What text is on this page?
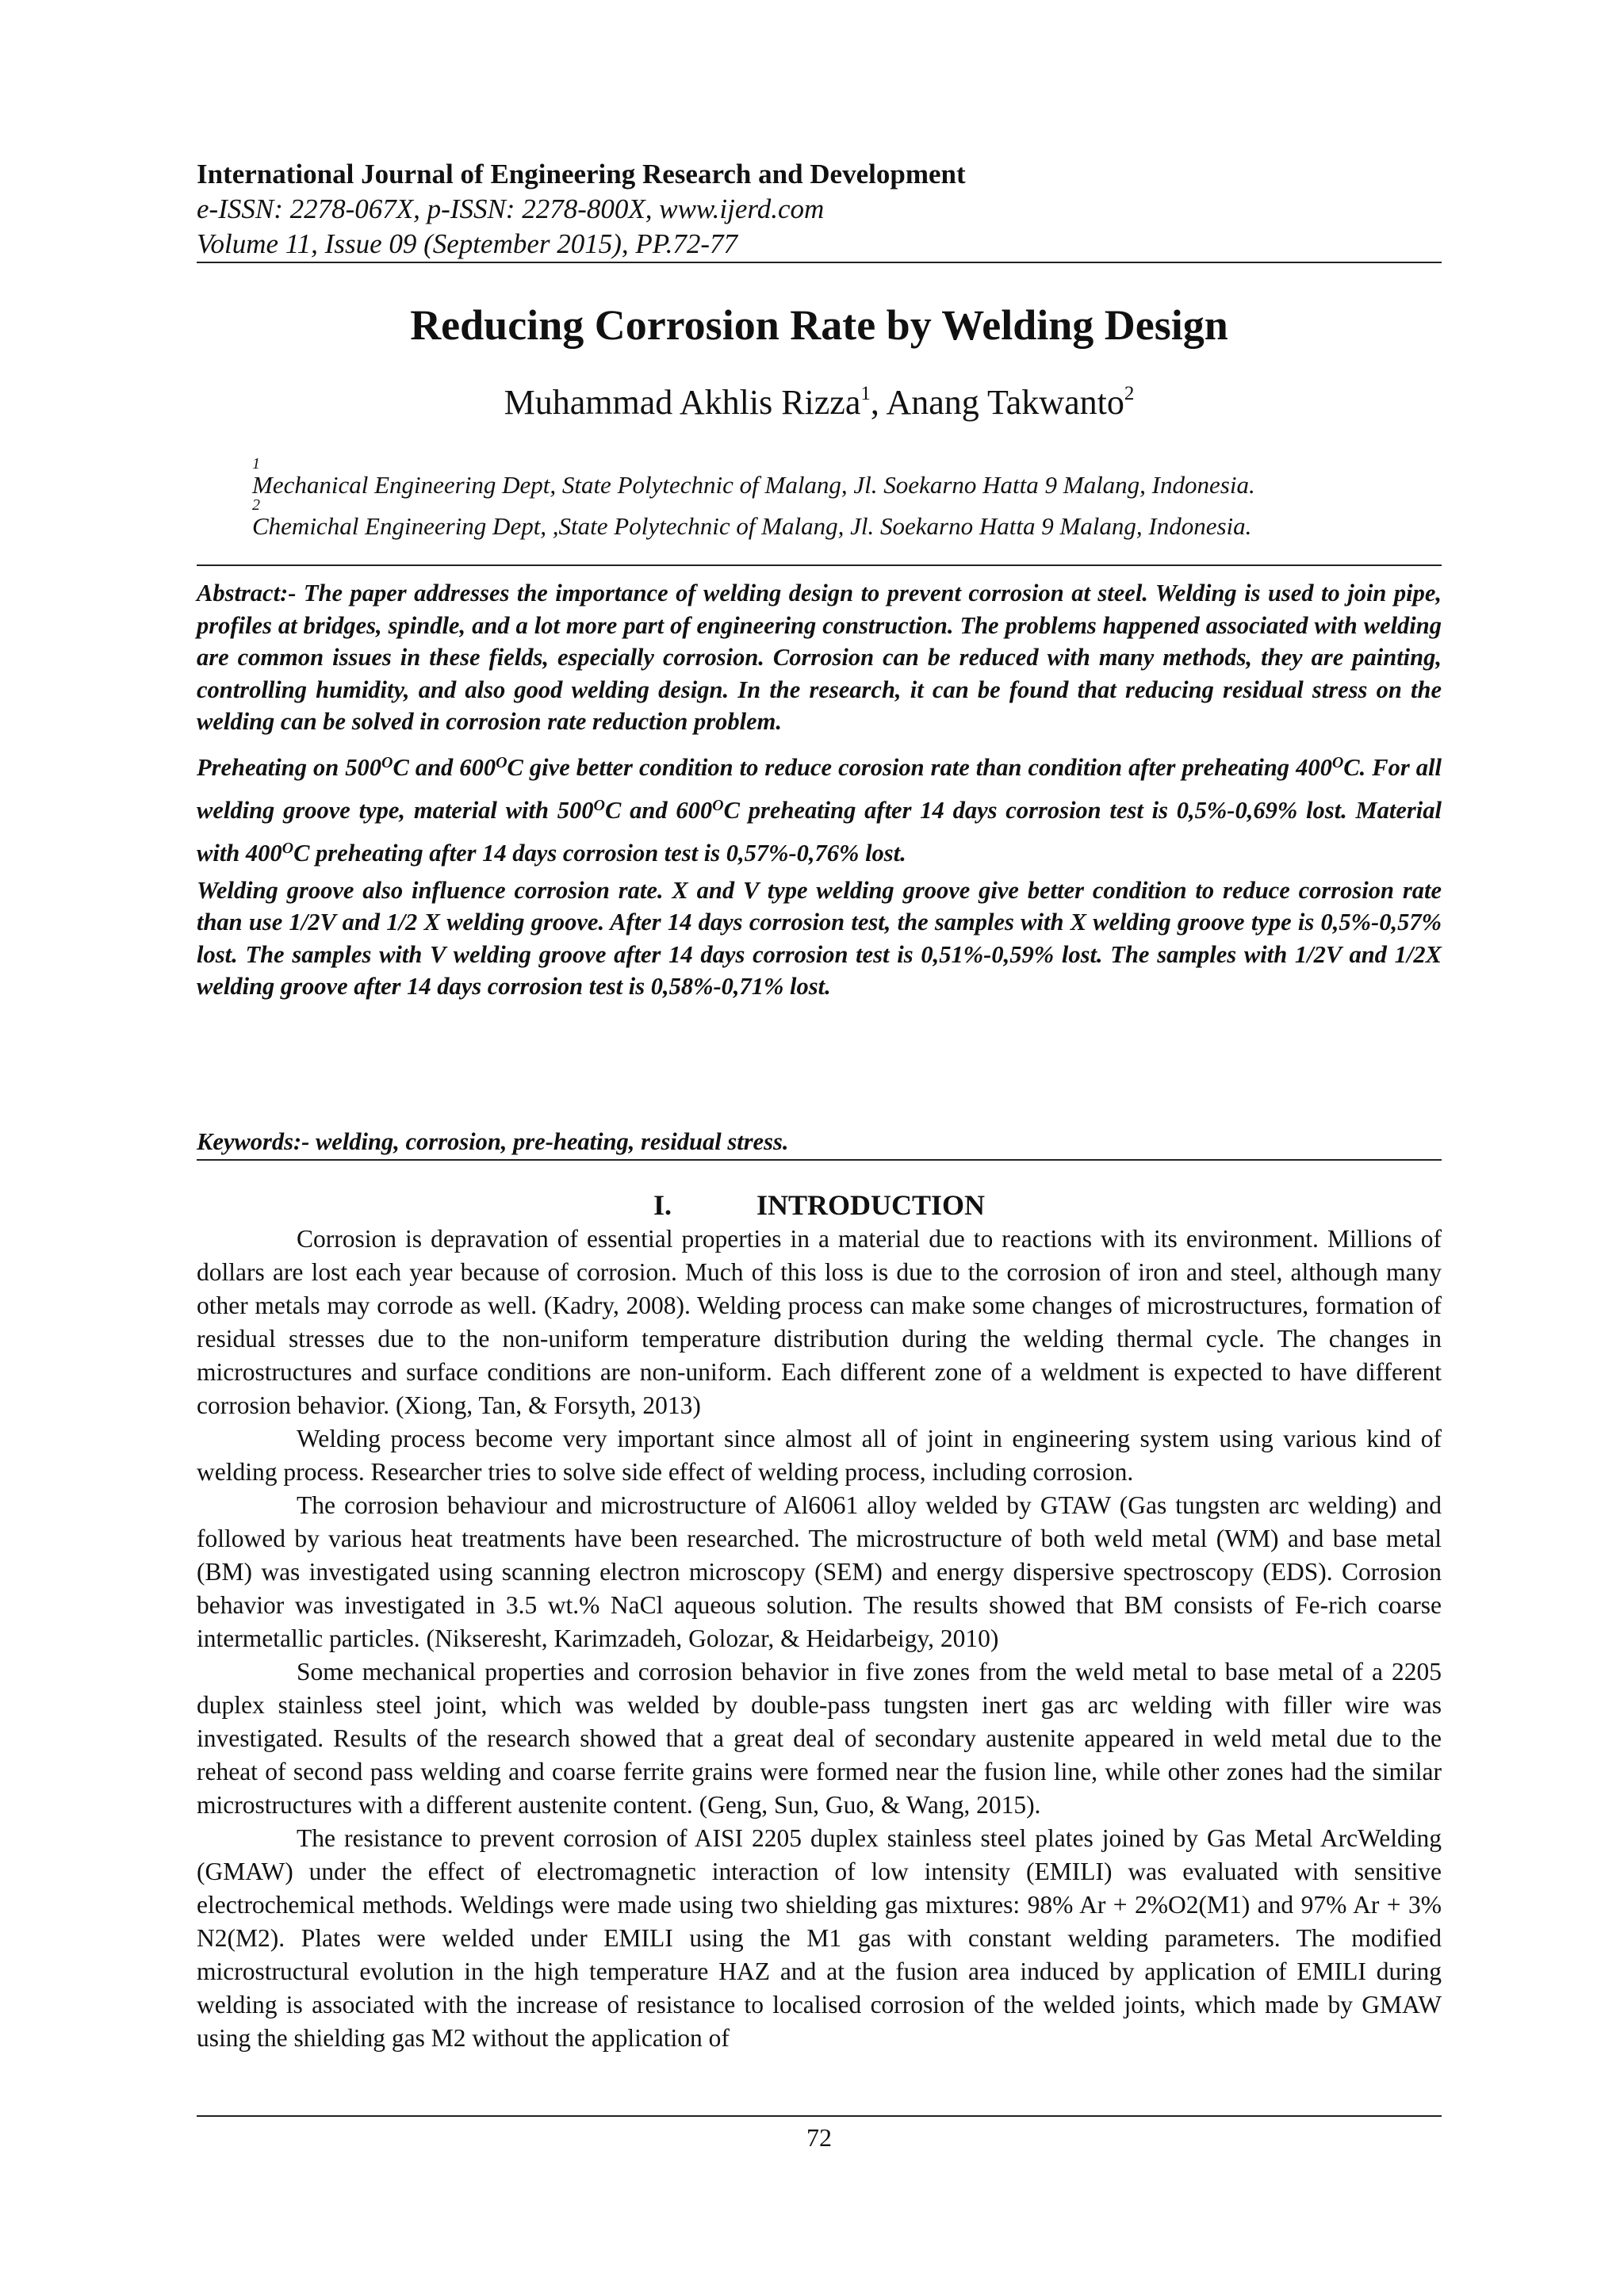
International Journal of Engineering Research and Development
e-ISSN: 2278-067X, p-ISSN: 2278-800X, www.ijerd.com
Volume 11, Issue 09 (September 2015), PP.72-77
Reducing Corrosion Rate by Welding Design
Muhammad Akhlis Rizza$^1$, Anang Takwanto$^2$
1
Mechanical Engineering Dept, State Polytechnic of Malang, Jl. Soekarno Hatta 9 Malang, Indonesia.
2
Chemichal Engineering Dept, ,State Polytechnic of Malang, Jl. Soekarno Hatta 9 Malang, Indonesia.

Abstract:- The paper addresses the importance of welding design to prevent corrosion at steel. Welding is used to join pipe, profiles at bridges, spindle, and a lot more part of engineering construction. The problems happened associated with welding are common issues in these fields, especially corrosion. Corrosion can be reduced with many methods, they are painting, controlling humidity, and also good welding design. In the research, it can be found that reducing residual stress on the welding can be solved in corrosion rate reduction problem.

Preheating on $500^OC$ and $600^OC$ give better condition to reduce corosion rate than condition after preheating $400^OC$. For all welding groove type, material with $500^OC$ and $600^OC$ preheating after 14 days corrosion test is 0,5%-0,69% lost. Material with $400^OC$ preheating after 14 days corrosion test is 0,57%-0,76% lost.

Welding groove also influence corrosion rate. X and V type welding groove give better condition to reduce corrosion rate than use 1/2V and 1/2 X welding groove. After 14 days corrosion test, the samples with X welding groove type is 0,5%-0,57% lost. The samples with V welding groove after 14 days corrosion test is 0,51%-0,59% lost. The samples with 1/2V and 1/2X welding groove after 14 days corrosion test is 0,58%-0,71% lost.

Keywords:- welding, corrosion, pre-heating, residual stress.
I.	INTRODUCTION

Corrosion is depravation of essential properties in a material due to reactions with its environment. Millions of dollars are lost each year because of corrosion. Much of this loss is due to the corrosion of iron and steel, although many other metals may corrode as well. (Kadry, 2008). Welding process can make some changes of microstructures, formation of residual stresses due to the non-uniform temperature distribution during the welding thermal cycle. The changes in microstructures and surface conditions are non-uniform. Each different zone of a weldment is expected to have different corrosion behavior. (Xiong, Tan, & Forsyth, 2013)

Welding process become very important since almost all of joint in engineering system using various kind of welding process. Researcher tries to solve side effect of welding process, including corrosion.

The corrosion behaviour and microstructure of Al6061 alloy welded by GTAW (Gas tungsten arc welding) and followed by various heat treatments have been researched. The microstructure of both weld metal (WM) and base metal (BM) was investigated using scanning electron microscopy (SEM) and energy dispersive spectroscopy (EDS). Corrosion behavior was investigated in 3.5 wt.% NaCl aqueous solution. The results showed that BM consists of Fe-rich coarse intermetallic particles. (Nikseresht, Karimzadeh, Golozar, & Heidarbeigy, 2010)

Some mechanical properties and corrosion behavior in five zones from the weld metal to base metal of a 2205 duplex stainless steel joint, which was welded by double-pass tungsten inert gas arc welding with filler wire was investigated. Results of the research showed that a great deal of secondary austenite appeared in weld metal due to the reheat of second pass welding and coarse ferrite grains were formed near the fusion line, while other zones had the similar microstructures with a different austenite content. (Geng, Sun, Guo, & Wang, 2015).

The resistance to prevent corrosion of AISI 2205 duplex stainless steel plates joined by Gas Metal ArcWelding (GMAW) under the effect of electromagnetic interaction of low intensity (EMILI) was evaluated with sensitive electrochemical methods. Weldings were made using two shielding gas mixtures: 98% Ar + 2%O2(M1) and 97% Ar + 3% N2(M2). Plates were welded under EMILI using the M1 gas with constant welding parameters. The modified microstructural evolution in the high temperature HAZ and at the fusion area induced by application of EMILI during welding is associated with the increase of resistance to localised corrosion of the welded joints, which made by GMAW using the shielding gas M2 without the application of

72
